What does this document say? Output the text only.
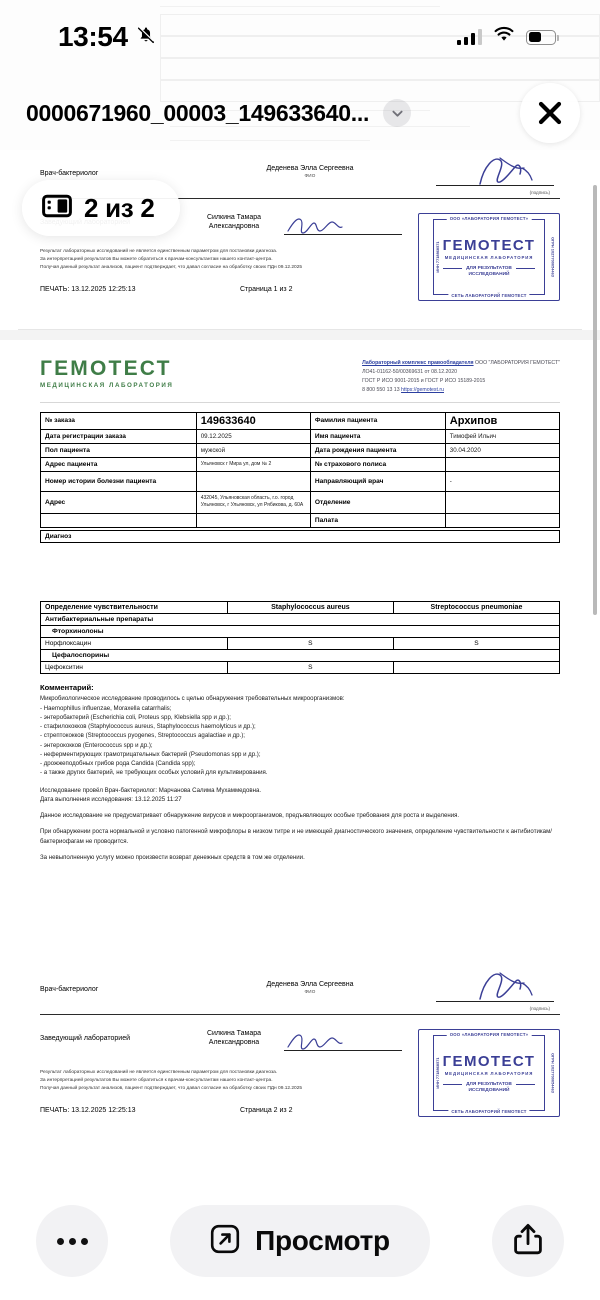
13:54
0000671960_00003_149633640...
2 из 2
Врач-бактериолог
Деденева Элла Сергеевна
ФИО
(подпись)
Силкина Тамара
Александровна
Результат лабораторных исследований не является единственным параметром для постановки диагноза.
За интерпретацией результатов Вы можете обратиться к врачам-консультантам нашего контакт-центра.
Получая данный результат анализов, пациент подтверждает, что давал согласие на обработку своих ПДн 09.12.2025
ПЕЧАТЬ: 13.12.2025 12:25:13	Страница 1 из 2
ИНН 7718868571	ОГРН 1027700054463
ООО «ЛАБОРАТОРИЯ ГЕМОТЕСТ»
ГЕМОТЕСТ
МЕДИЦИНСКАЯ ЛАБОРАТОРИЯ
ДЛЯ РЕЗУЛЬТАТОВ
ИССЛЕДОВАНИЙ
СЕТЬ ЛАБОРАТОРИЙ ГЕМОТЕСТ
ГЕМОТЕСТ
МЕДИЦИНСКАЯ ЛАБОРАТОРИЯ
Лабораторный комплекс правообладателя ООО "ЛАБОРАТОРИЯ ГЕМОТЕСТ"
ЛО41-01162-50/00369631 от 08.12.2020
ГОСТ Р ИСО 9001-2015 и ГОСТ Р ИСО 15189-2015
8 800 550 13 13 https://gemotest.ru
№ заказа	149633640	Фамилия пациента	Архипов
Дата регистрации заказа	09.12.2025	Имя пациента	Тимофей Ильич
Пол пациента	мужской	Дата рождения пациента	30.04.2020
Адрес пациента	Ульяновск г Мира ул, дом № 2	№ страхового полиса	
Номер истории болезни пациента		Направляющий врач	-
Адрес	432045, Ульяновская область, г.о. город Ульяновск, г Ульяновск, ул Рябикова, д. 60А	Отделение	
		Палата	
Диагноз	
Определение чувствительности	Staphylococcus aureus	Streptococcus pneumoniae
Антибактериальные препараты		
Фторхинолоны		
Норфлоксацин	S	S
Цефалоспорины		
Цефокситин	S	
Комментарий:
Микробиологическое исследование проводилось с целью обнаружения требовательных микроорганизмов:
- Haemophillus influenzae, Moraxella catarrhalis;
- энтеробактерий (Escherichia coli, Proteus spp, Klebsiella spp и др.);
- стафилококков (Staphylococcus aureus, Staphylococcus haemolyticus и др.);
- стрептококков (Streptococcus pyogenes, Streptococcus agalactiae и др.);
- энтерококков (Enterococcus spp и др.);
- неферментирующих грамотрицательных бактерий (Pseudomonas spp и др.);
- дрожжеподобных грибов рода Candida (Candida spp);
- а также других бактерий, не требующих особых условий для культивирования.
Исследование провёл Врач-бактериолог: Марчанова Салима Мухаммедовна.
Дата выполнения исследования: 13.12.2025 11:27
Данное исследование не предусматривает обнаружение вирусов и микроорганизмов, предъявляющих особые требования для роста и выделения.
При обнаружении роста нормальной и условно патогенной микрофлоры в низком титре и не имеющей диагностического значения, определение чувствительности к антибиотикам/бактериофагам не проводится.
За невыполненную услугу можно произвести возврат денежных средств в том же отделении.
Врач-бактериолог
Деденева Элла Сергеевна
ФИО
(подпись)
Заведующий лабораторией
Силкина Тамара
Александровна
Результат лабораторных исследований не является единственным параметром для постановки диагноза.
За интерпретацией результатов Вы можете обратиться к врачам-консультантам нашего контакт-центра.
Получая данный результат анализов, пациент подтверждает, что давал согласие на обработку своих ПДн 09.12.2025
ПЕЧАТЬ: 13.12.2025 12:25:13	Страница 2 из 2
ИНН 7718868571	ОГРН 1027700054463
ООО «ЛАБОРАТОРИЯ ГЕМОТЕСТ»
ГЕМОТЕСТ
МЕДИЦИНСКАЯ ЛАБОРАТОРИЯ
ДЛЯ РЕЗУЛЬТАТОВ
ИССЛЕДОВАНИЙ
СЕТЬ ЛАБОРАТОРИЙ ГЕМОТЕСТ
Просмотр
